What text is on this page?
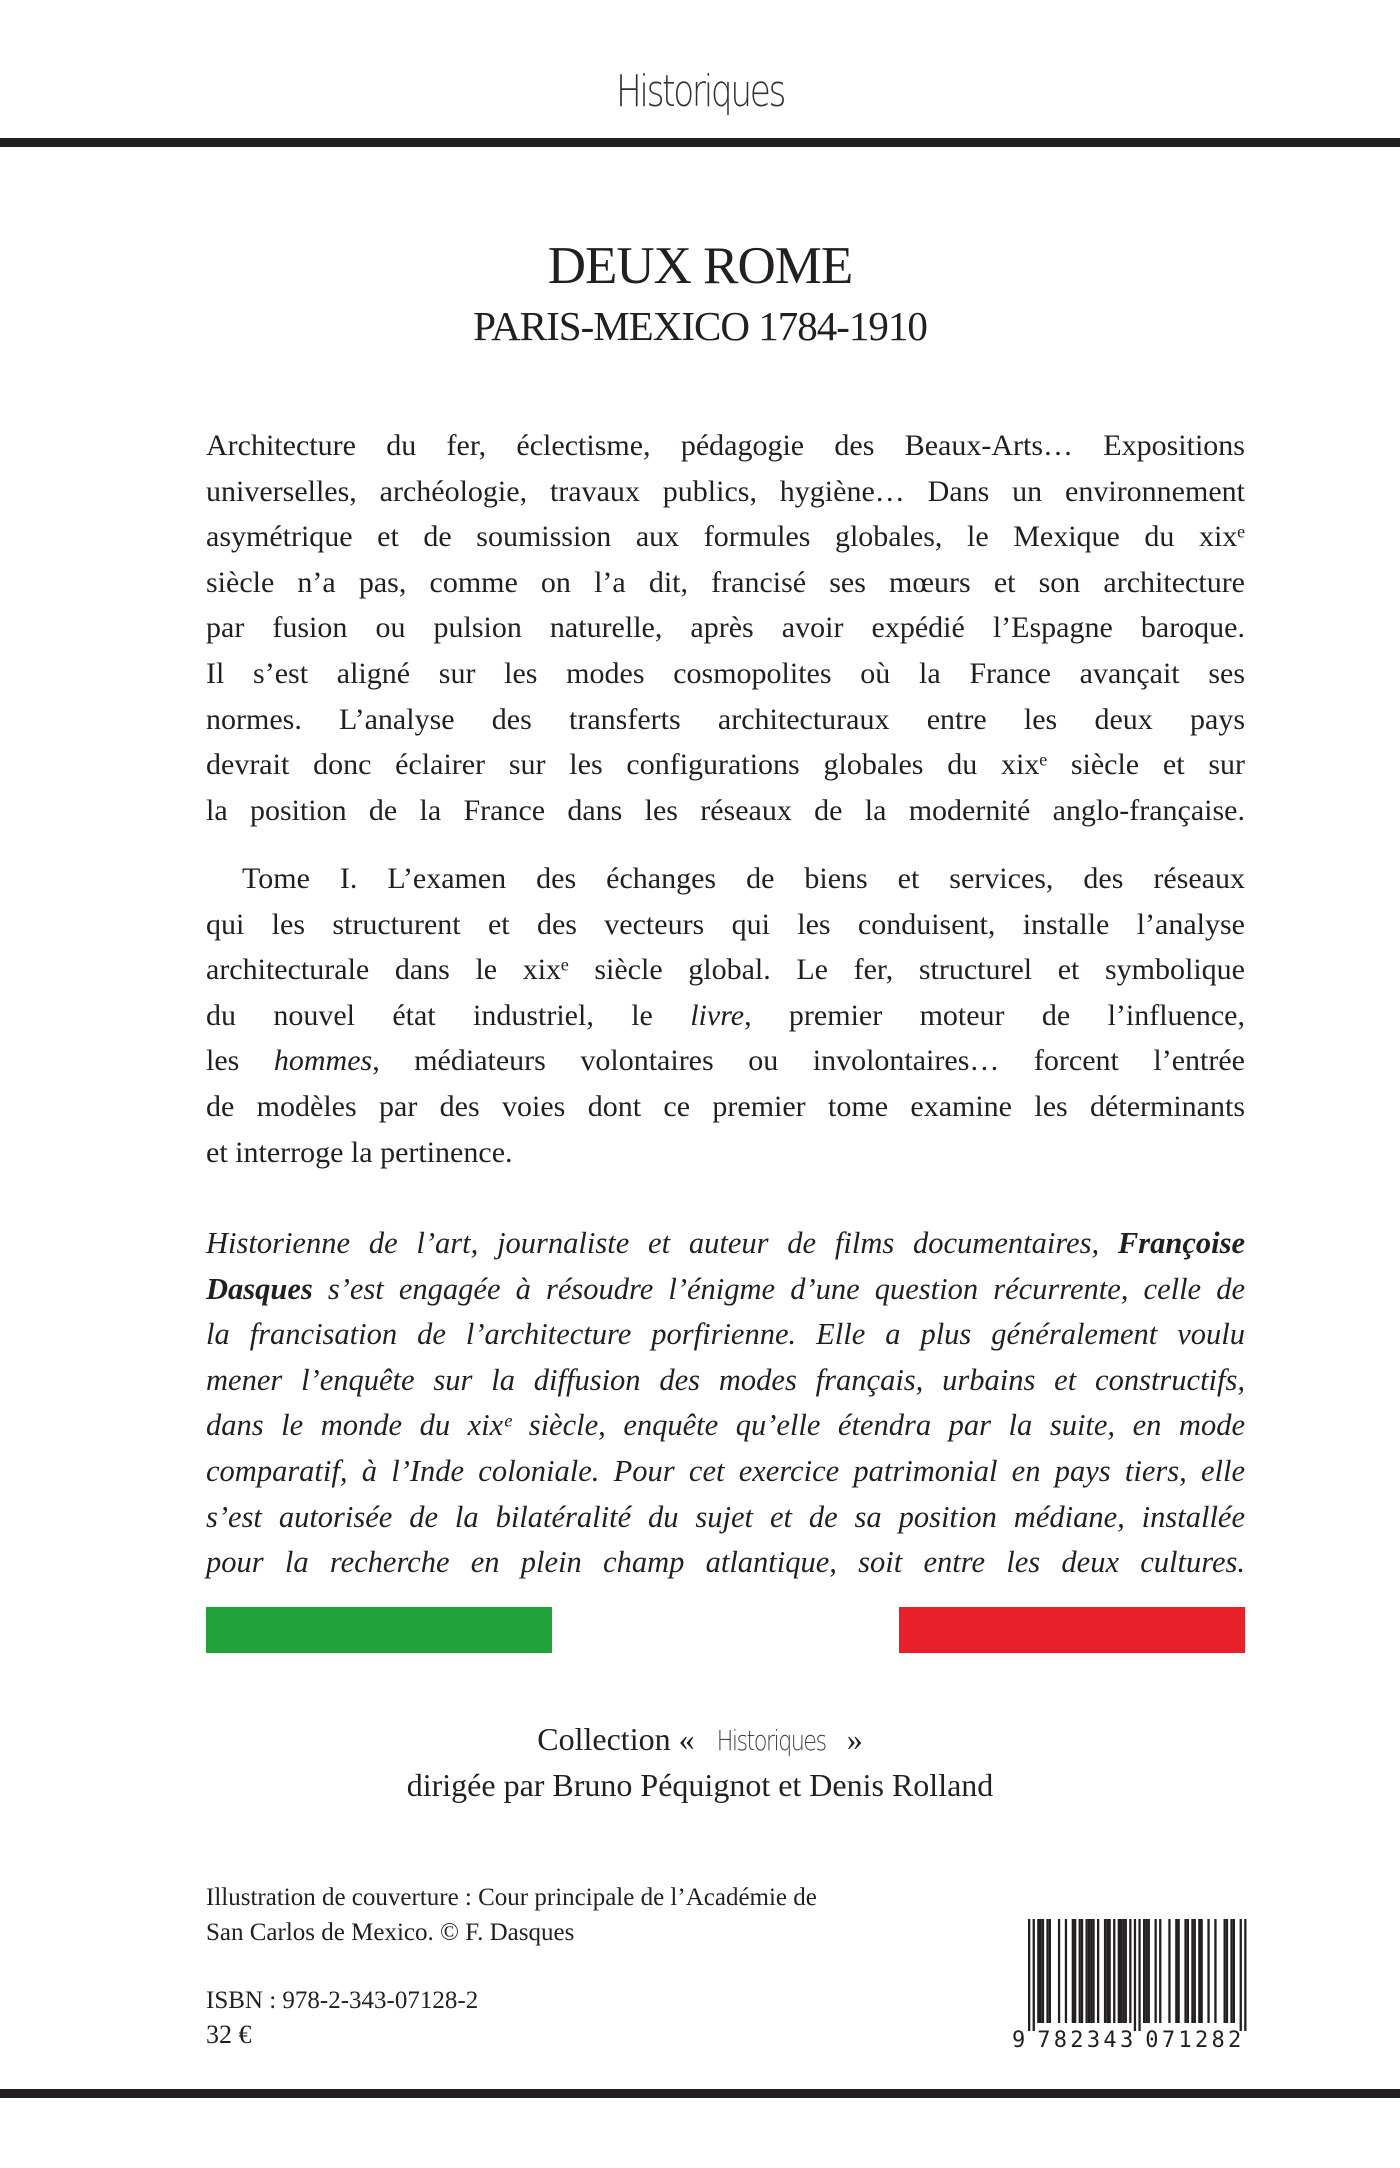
Historiques
DEUX ROME
PARIS-MEXICO 1784-1910
Architecture du fer, éclectisme, pédagogie des Beaux-Arts… Expositions
universelles, archéologie, travaux publics, hygiène… Dans un environnement
asymétrique et de soumission aux formules globales, le Mexique du xixᵉ
siècle n’a pas, comme on l’a dit, francisé ses mœurs et son architecture
par fusion ou pulsion naturelle, après avoir expédié l’Espagne baroque.
Il s’est aligné sur les modes cosmopolites où la France avançait ses
normes. L’analyse des transferts architecturaux entre les deux pays
devrait donc éclairer sur les configurations globales du xixᵉ siècle et sur
la position de la France dans les réseaux de la modernité anglo-française.
Tome I. L’examen des échanges de biens et services, des réseaux
qui les structurent et des vecteurs qui les conduisent, installe l’analyse
architecturale dans le xixᵉ siècle global. Le fer, structurel et symbolique
du nouvel état industriel, le livre, premier moteur de l’influence,
les hommes, médiateurs volontaires ou involontaires… forcent l’entrée
de modèles par des voies dont ce premier tome examine les déterminants
et interroge la pertinence.
Historienne de l’art, journaliste et auteur de films documentaires, Françoise
Dasques s’est engagée à résoudre l’énigme d’une question récurrente, celle de
la francisation de l’architecture porfirienne. Elle a plus généralement voulu
mener l’enquête sur la diffusion des modes français, urbains et constructifs,
dans le monde du xixᵉ siècle, enquête qu’elle étendra par la suite, en mode
comparatif, à l’Inde coloniale. Pour cet exercice patrimonial en pays tiers, elle
s’est autorisée de la bilatéralité du sujet et de sa position médiane, installée
pour la recherche en plein champ atlantique, soit entre les deux cultures.
Collection « Historiques »
dirigée par Bruno Péquignot et Denis Rolland
Illustration de couverture : Cour principale de l’Académie de
San Carlos de Mexico. © F. Dasques
ISBN : 978-2-343-07128-2
32 €	9 782343 071282
